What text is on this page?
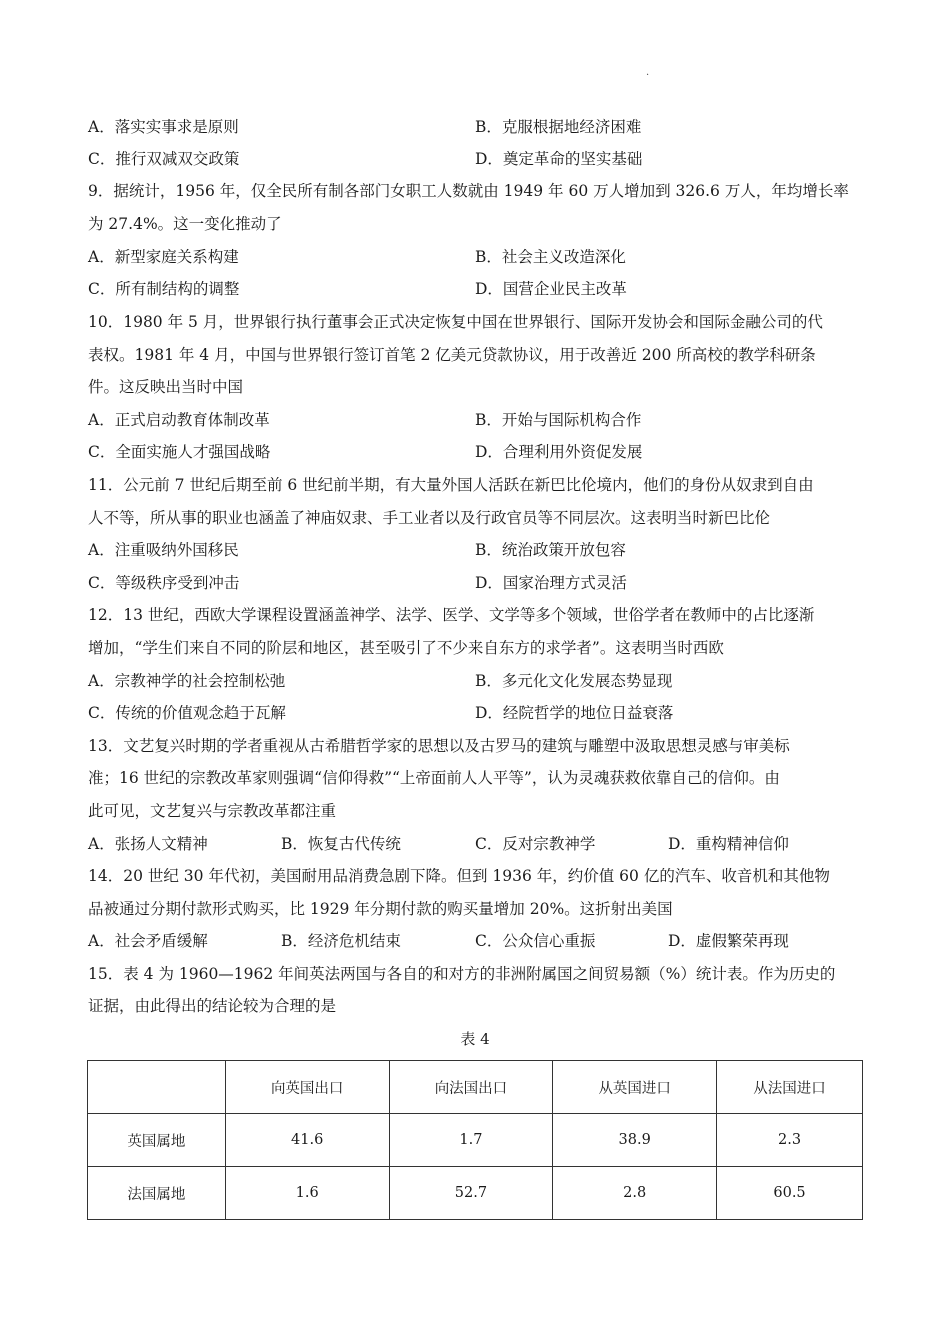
·
A．落实实事求是原则	B．克服根据地经济困难
C．推行双减双交政策	D．奠定革命的坚实基础
9．据统计，1956 年，仅全民所有制各部门女职工人数就由 1949 年 60 万人增加到 326.6 万人，年均增长率
为 27.4%。这一变化推动了
A．新型家庭关系构建	B．社会主义改造深化
C．所有制结构的调整	D．国营企业民主改革
10．1980 年 5 月，世界银行执行董事会正式决定恢复中国在世界银行、国际开发协会和国际金融公司的代
表权。1981 年 4 月，中国与世界银行签订首笔 2 亿美元贷款协议，用于改善近 200 所高校的教学科研条
件。这反映出当时中国
A．正式启动教育体制改革	B．开始与国际机构合作
C．全面实施人才强国战略	D．合理利用外资促发展
11．公元前 7 世纪后期至前 6 世纪前半期，有大量外国人活跃在新巴比伦境内，他们的身份从奴隶到自由
人不等，所从事的职业也涵盖了神庙奴隶、手工业者以及行政官员等不同层次。这表明当时新巴比伦
A．注重吸纳外国移民	B．统治政策开放包容
C．等级秩序受到冲击	D．国家治理方式灵活
12．13 世纪，西欧大学课程设置涵盖神学、法学、医学、文学等多个领域，世俗学者在教师中的占比逐渐
增加，“学生们来自不同的阶层和地区，甚至吸引了不少来自东方的求学者”。这表明当时西欧
A．宗教神学的社会控制松弛	B．多元化文化发展态势显现
C．传统的价值观念趋于瓦解	D．经院哲学的地位日益衰落
13．文艺复兴时期的学者重视从古希腊哲学家的思想以及古罗马的建筑与雕塑中汲取思想灵感与审美标
准；16 世纪的宗教改革家则强调“信仰得救”“上帝面前人人平等”，认为灵魂获救依靠自己的信仰。由
此可见，文艺复兴与宗教改革都注重
A．张扬人文精神	B．恢复古代传统	C．反对宗教神学	D．重构精神信仰
14．20 世纪 30 年代初，美国耐用品消费急剧下降。但到 1936 年，约价值 60 亿的汽车、收音机和其他物
品被通过分期付款形式购买，比 1929 年分期付款的购买量增加 20%。这折射出美国
A．社会矛盾缓解	B．经济危机结束	C．公众信心重振	D．虚假繁荣再现
15．表 4 为 1960—1962 年间英法两国与各自的和对方的非洲附属国之间贸易额（%）统计表。作为历史的
证据，由此得出的结论较为合理的是
表 4
	向英国出口	向法国出口	从英国进口	从法国进口
英国属地	41.6	1.7	38.9	2.3
法国属地	1.6	52.7	2.8	60.5
